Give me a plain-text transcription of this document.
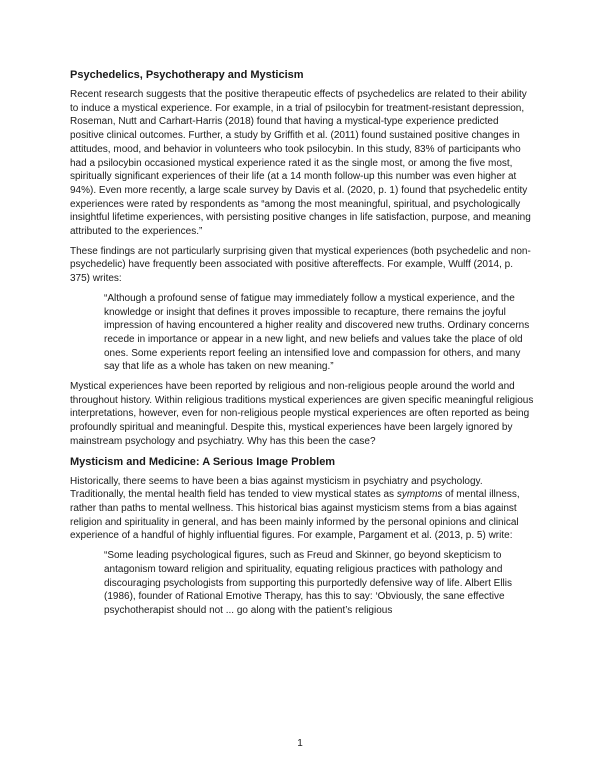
Psychedelics, Psychotherapy and Mysticism

Recent research suggests that the positive therapeutic effects of psychedelics are related to their ability to induce a mystical experience. For example, in a trial of psilocybin for treatment-resistant depression, Roseman, Nutt and Carhart-Harris (2018) found that having a mystical-type experience predicted positive clinical outcomes. Further, a study by Griffith et al. (2011) found sustained positive changes in attitudes, mood, and behavior in volunteers who took psilocybin. In this study, 83% of participants who had a psilocybin occasioned mystical experience rated it as the single most, or among the five most, spiritually significant experiences of their life (at a 14 month follow-up this number was even higher at 94%). Even more recently, a large scale survey by Davis et al. (2020, p. 1) found that psychedelic entity experiences were rated by respondents as “among the most meaningful, spiritual, and psychologically insightful lifetime experiences, with persisting positive changes in life satisfaction, purpose, and meaning attributed to the experiences.”

These findings are not particularly surprising given that mystical experiences (both psychedelic and non-psychedelic) have frequently been associated with positive aftereffects. For example, Wulff (2014, p. 375) writes:

“Although a profound sense of fatigue may immediately follow a mystical experience, and the knowledge or insight that defines it proves impossible to recapture, there remains the joyful impression of having encountered a higher reality and discovered new truths. Ordinary concerns recede in importance or appear in a new light, and new beliefs and values take the place of old ones. Some experients report feeling an intensified love and compassion for others, and many say that life as a whole has taken on new meaning.”

Mystical experiences have been reported by religious and non-religious people around the world and throughout history. Within religious traditions mystical experiences are given specific meaningful religious interpretations, however, even for non-religious people mystical experiences are often reported as being profoundly spiritual and meaningful. Despite this, mystical experiences have been largely ignored by mainstream psychology and psychiatry. Why has this been the case?

Mysticism and Medicine: A Serious Image Problem

Historically, there seems to have been a bias against mysticism in psychiatry and psychology. Traditionally, the mental health field has tended to view mystical states as symptoms of mental illness, rather than paths to mental wellness. This historical bias against mysticism stems from a bias against religion and spirituality in general, and has been mainly informed by the personal opinions and clinical experience of a handful of highly influential figures. For example, Pargament et al. (2013, p. 5) write:

“Some leading psychological figures, such as Freud and Skinner, go beyond skepticism to antagonism toward religion and spirituality, equating religious practices with pathology and discouraging psychologists from supporting this purportedly defensive way of life. Albert Ellis (1986), founder of Rational Emotive Therapy, has this to say: ‘Obviously, the sane effective psychotherapist should not ... go along with the patient’s religious
1
